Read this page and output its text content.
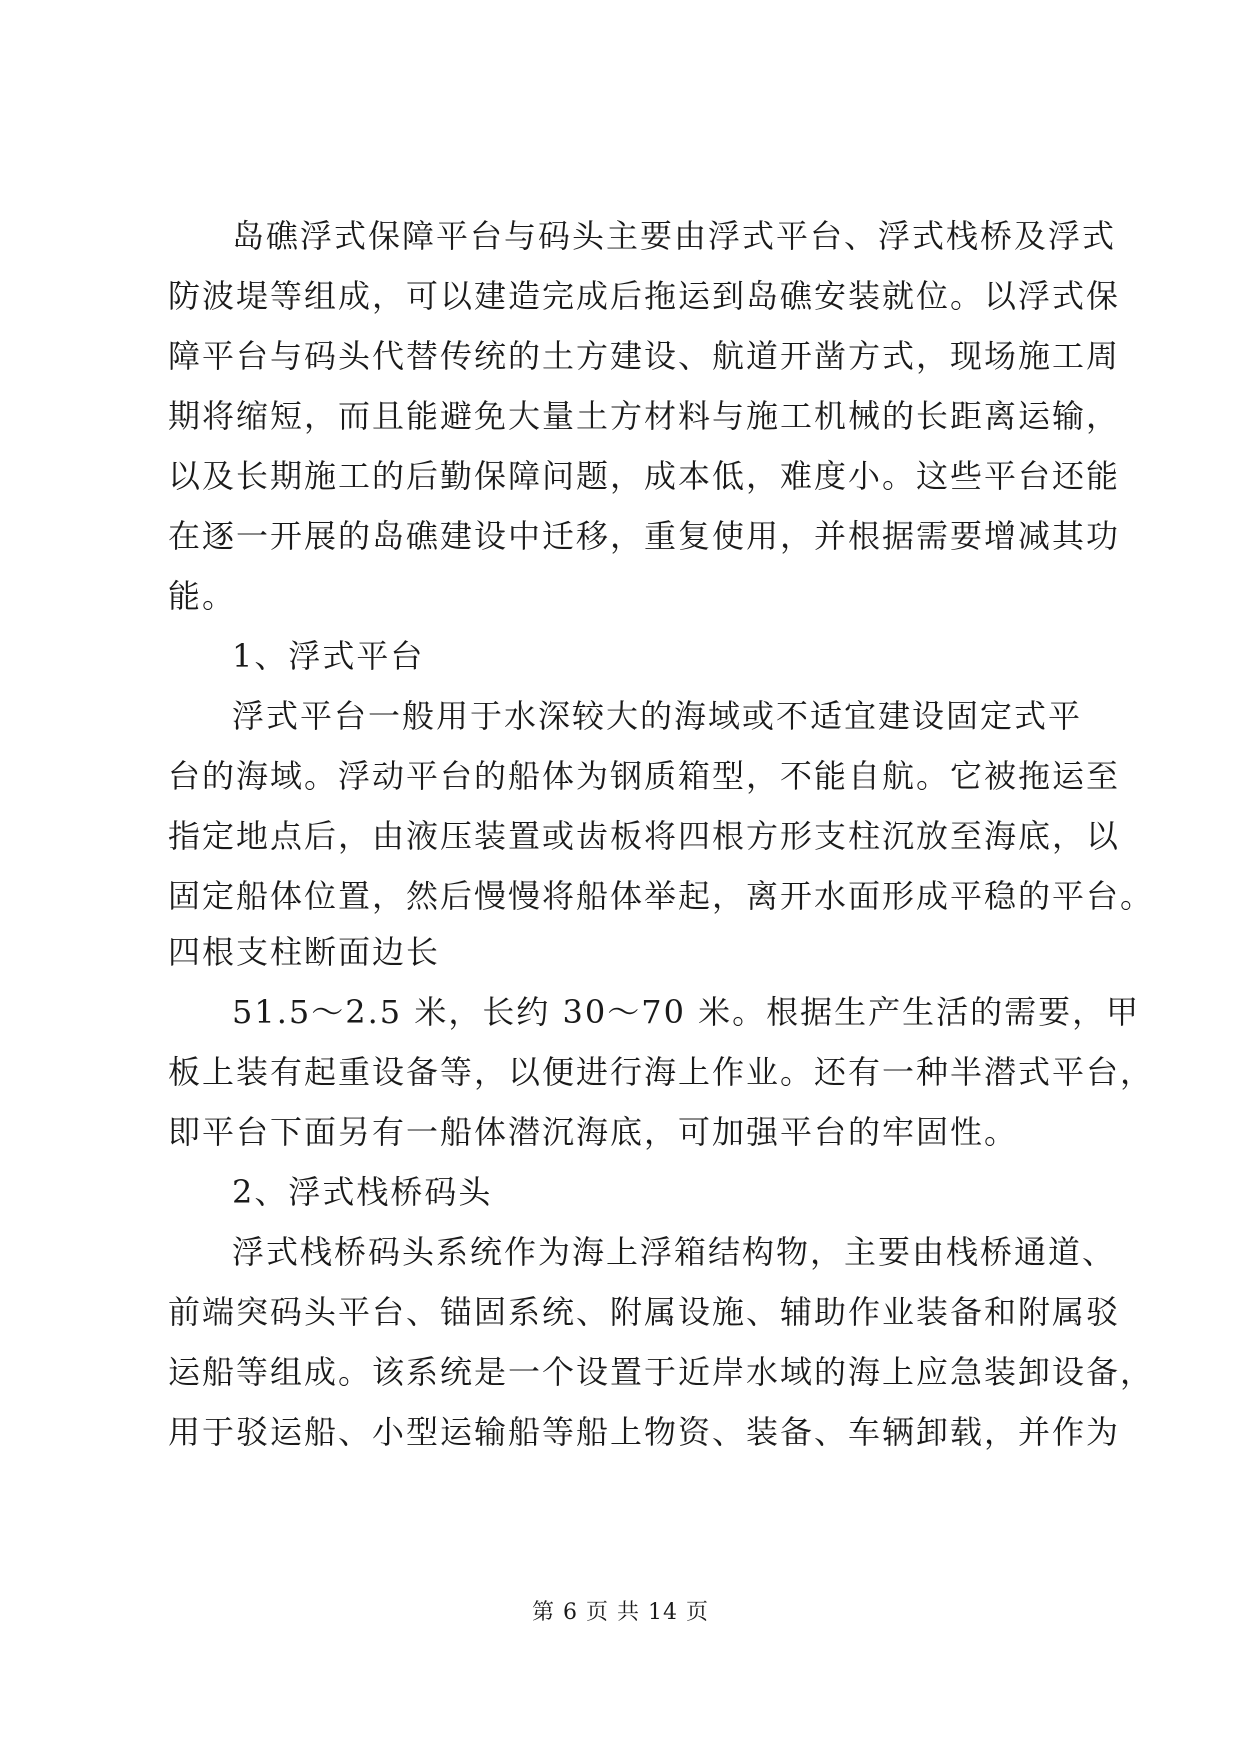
岛礁浮式保障平台与码头主要由浮式平台、浮式栈桥及浮式
防波堤等组成，可以建造完成后拖运到岛礁安装就位。以浮式保
障平台与码头代替传统的土方建设、航道开凿方式，现场施工周
期将缩短，而且能避免大量土方材料与施工机械的长距离运输，
以及长期施工的后勤保障问题，成本低，难度小。这些平台还能
在逐一开展的岛礁建设中迁移，重复使用，并根据需要增减其功
能。
1、浮式平台
浮式平台一般用于水深较大的海域或不适宜建设固定式平
台的海域。浮动平台的船体为钢质箱型，不能自航。它被拖运至
指定地点后，由液压装置或齿板将四根方形支柱沉放至海底，以
固定船体位置，然后慢慢将船体举起，离开水面形成平稳的平台。
四根支柱断面边长
51.5～2.5 米，长约 30～70 米。根据生产生活的需要，甲
板上装有起重设备等，以便进行海上作业。还有一种半潜式平台，
即平台下面另有一船体潜沉海底，可加强平台的牢固性。
2、浮式栈桥码头
浮式栈桥码头系统作为海上浮箱结构物，主要由栈桥通道、
前端突码头平台、锚固系统、附属设施、辅助作业装备和附属驳
运船等组成。该系统是一个设置于近岸水域的海上应急装卸设备，
用于驳运船、小型运输船等船上物资、装备、车辆卸载，并作为
第 6 页 共 14 页
